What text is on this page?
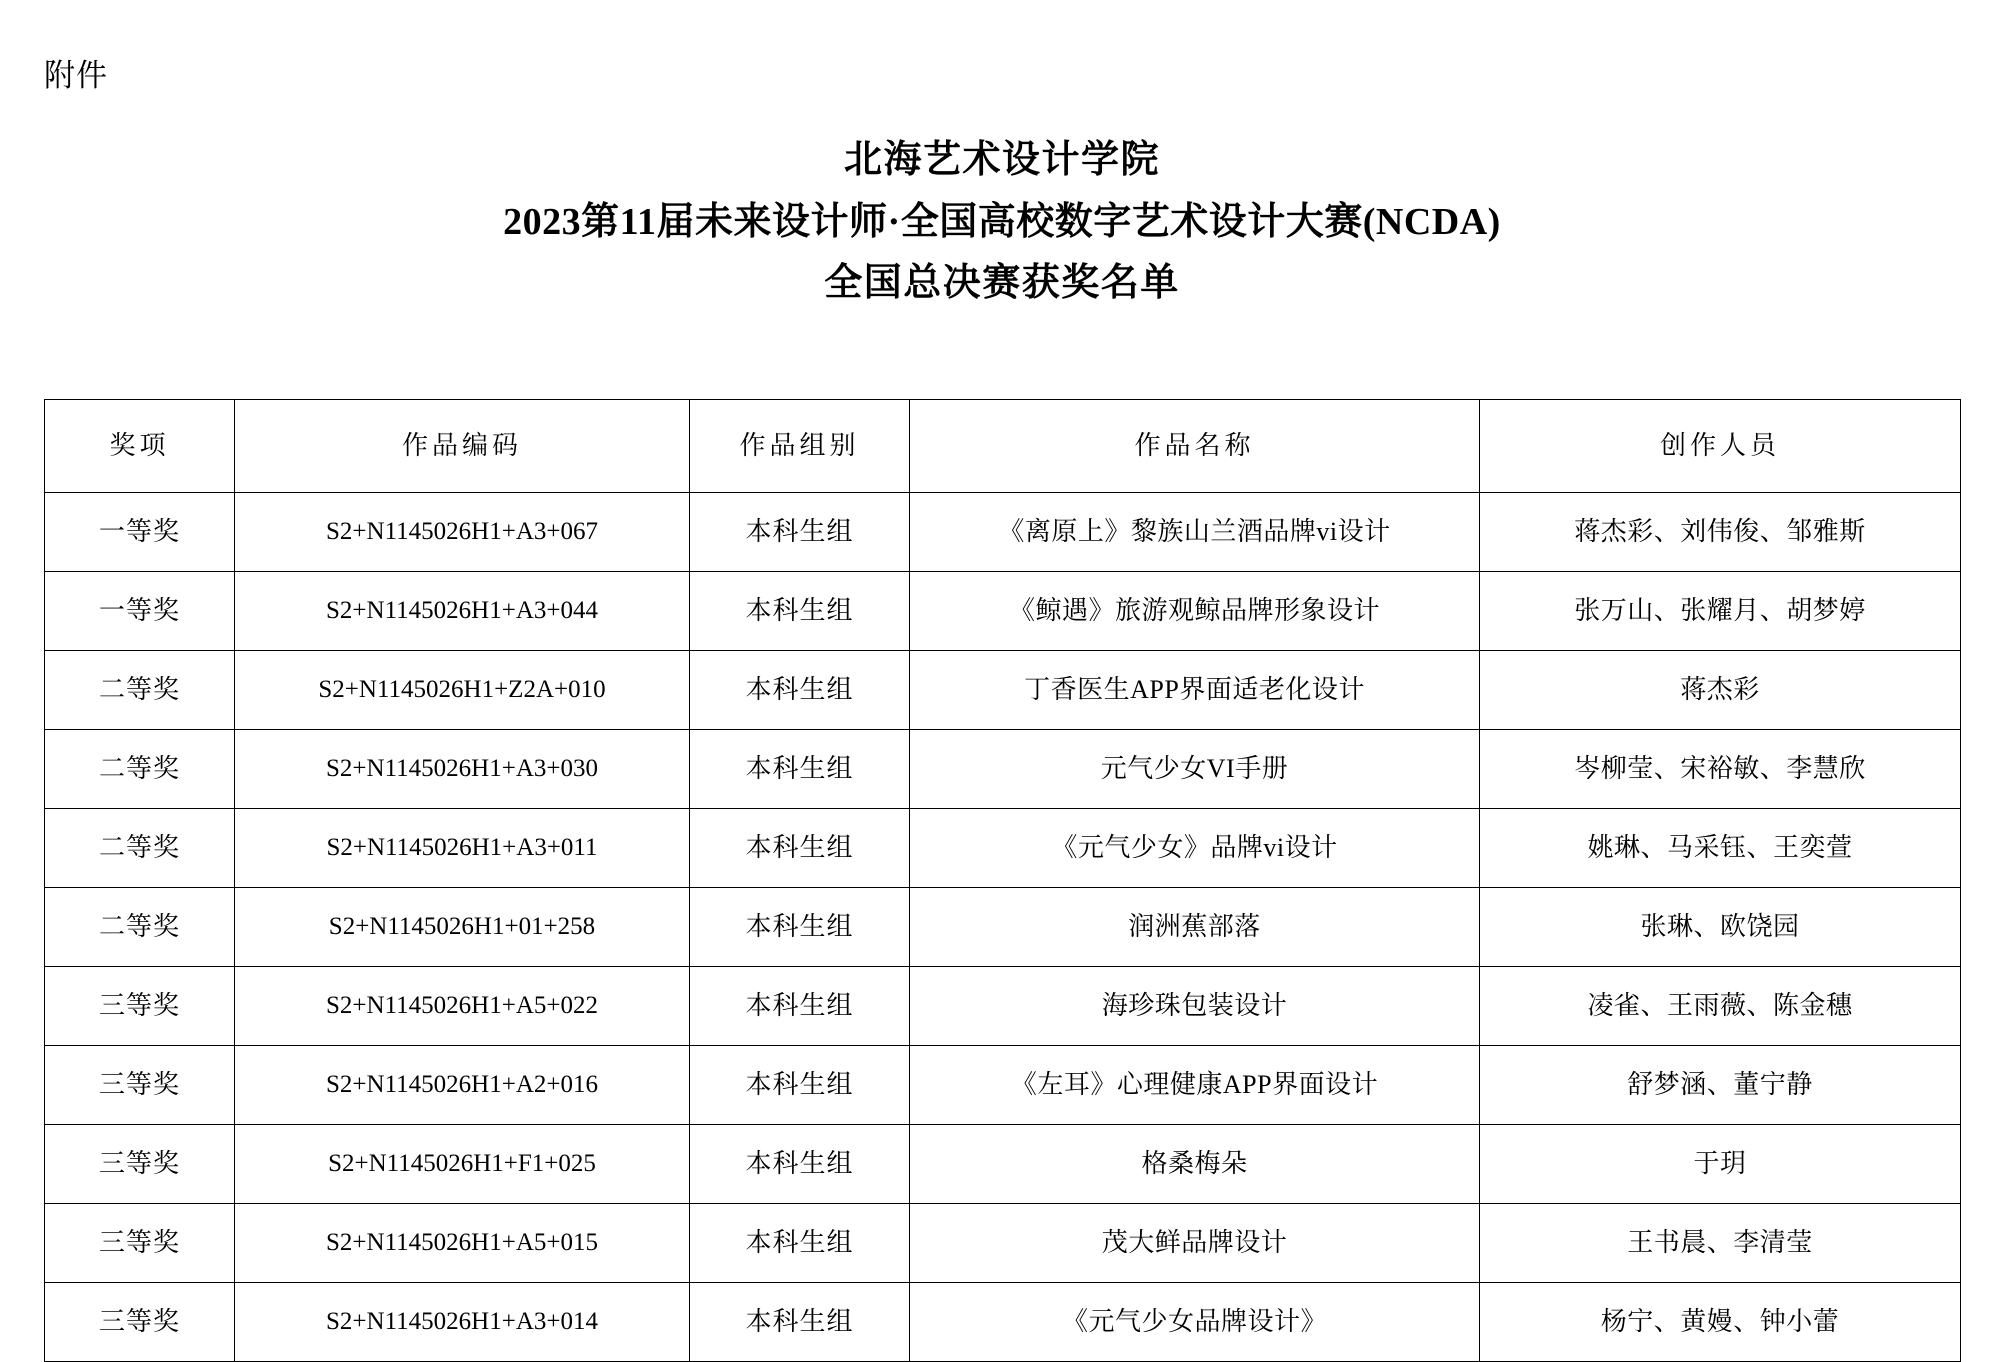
附件
北海艺术设计学院
2023第11届未来设计师·全国高校数字艺术设计大赛(NCDA)
全国总决赛获奖名单
奖项	作品编码	作品组别	作品名称	创作人员
一等奖	S2+N1145026H1+A3+067	本科生组	《离原上》黎族山兰酒品牌vi设计	蒋杰彩、刘伟俊、邹雅斯
一等奖	S2+N1145026H1+A3+044	本科生组	《鲸遇》旅游观鲸品牌形象设计	张万山、张耀月、胡梦婷
二等奖	S2+N1145026H1+Z2A+010	本科生组	丁香医生APP界面适老化设计	蒋杰彩
二等奖	S2+N1145026H1+A3+030	本科生组	元气少女VI手册	岑柳莹、宋裕敏、李慧欣
二等奖	S2+N1145026H1+A3+011	本科生组	《元气少女》品牌vi设计	姚琳、马采钰、王奕萱
二等奖	S2+N1145026H1+01+258	本科生组	润洲蕉部落	张琳、欧饶园
三等奖	S2+N1145026H1+A5+022	本科生组	海珍珠包装设计	凌雀、王雨薇、陈金穗
三等奖	S2+N1145026H1+A2+016	本科生组	《左耳》心理健康APP界面设计	舒梦涵、董宁静
三等奖	S2+N1145026H1+F1+025	本科生组	格桑梅朵	于玥
三等奖	S2+N1145026H1+A5+015	本科生组	茂大鲜品牌设计	王书晨、李清莹
三等奖	S2+N1145026H1+A3+014	本科生组	《元气少女品牌设计》	杨宁、黄嫚、钟小蕾
